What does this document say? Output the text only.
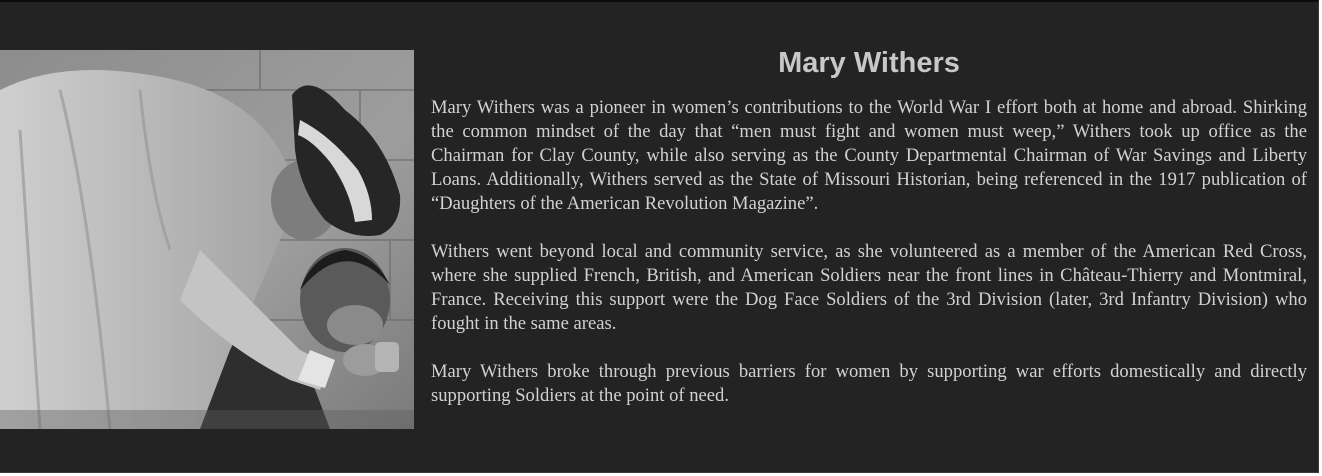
Mary Withers

Mary Withers was a pioneer in women’s contributions to the World War I effort both at home and abroad. Shirking the common mindset of the day that “men must fight and women must weep,” Withers took up office as the Chairman for Clay County, while also serving as the County Departmental Chairman of War Savings and Liberty Loans. Additionally, Withers served as the State of Missouri Historian, being referenced in the 1917 publication of “Daughters of the American Revolution Magazine”.

Withers went beyond local and community service, as she volunteered as a member of the American Red Cross, where she supplied French, British, and American Soldiers near the front lines in Château-Thierry and Montmiral, France. Receiving this support were the Dog Face Soldiers of the 3rd Division (later, 3rd Infantry Division) who fought in the same areas.

Mary Withers broke through previous barriers for women by supporting war efforts domestically and directly supporting Soldiers at the point of need.
